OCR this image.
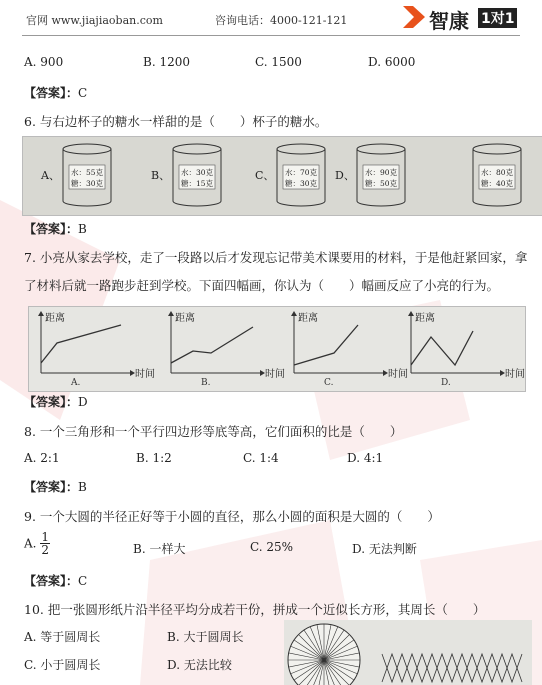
官网 www.jiajiaoban.com	咨询电话：4000-121-121	智康 1对1
A. 900	B. 1200	C. 1500	D. 6000
【答案】：C
6. 与右边杯子的糖水一样甜的是（　　）杯子的糖水。
A、 水：55克
糖：30克
B、 水：30克
糖：15克
C、 水：70克
糖：30克
D、 水：90克
糖：50克
水：80克
糖：40克
【答案】：B
7. 小亮从家去学校，走了一段路以后才发现忘记带美术课要用的材料，于是他赶紧回家，拿
了材料后就一路跑步赶到学校。下面四幅画，你认为（　　）幅画反应了小亮的行为。
距离
时间
A.
距离
时间
B.
距离
时间
C.
距离
时间
D.
【答案】：D
8. 一个三角形和一个平行四边形等底等高，它们面积的比是（　　）
A. 2:1	B. 1:2	C. 1:4	D. 4:1
【答案】：B
9. 一个大圆的半径正好等于小圆的直径，那么小圆的面积是大圆的（　　）
A. $\frac{1}{2}$	B. 一样大	C. 25%	D. 无法判断
【答案】：C
10. 把一张圆形纸片沿半径平均分成若干份，拼成一个近似长方形，其周长（　　）
A. 等于圆周长	B. 大于圆周长
C. 小于圆周长	D. 无法比较
